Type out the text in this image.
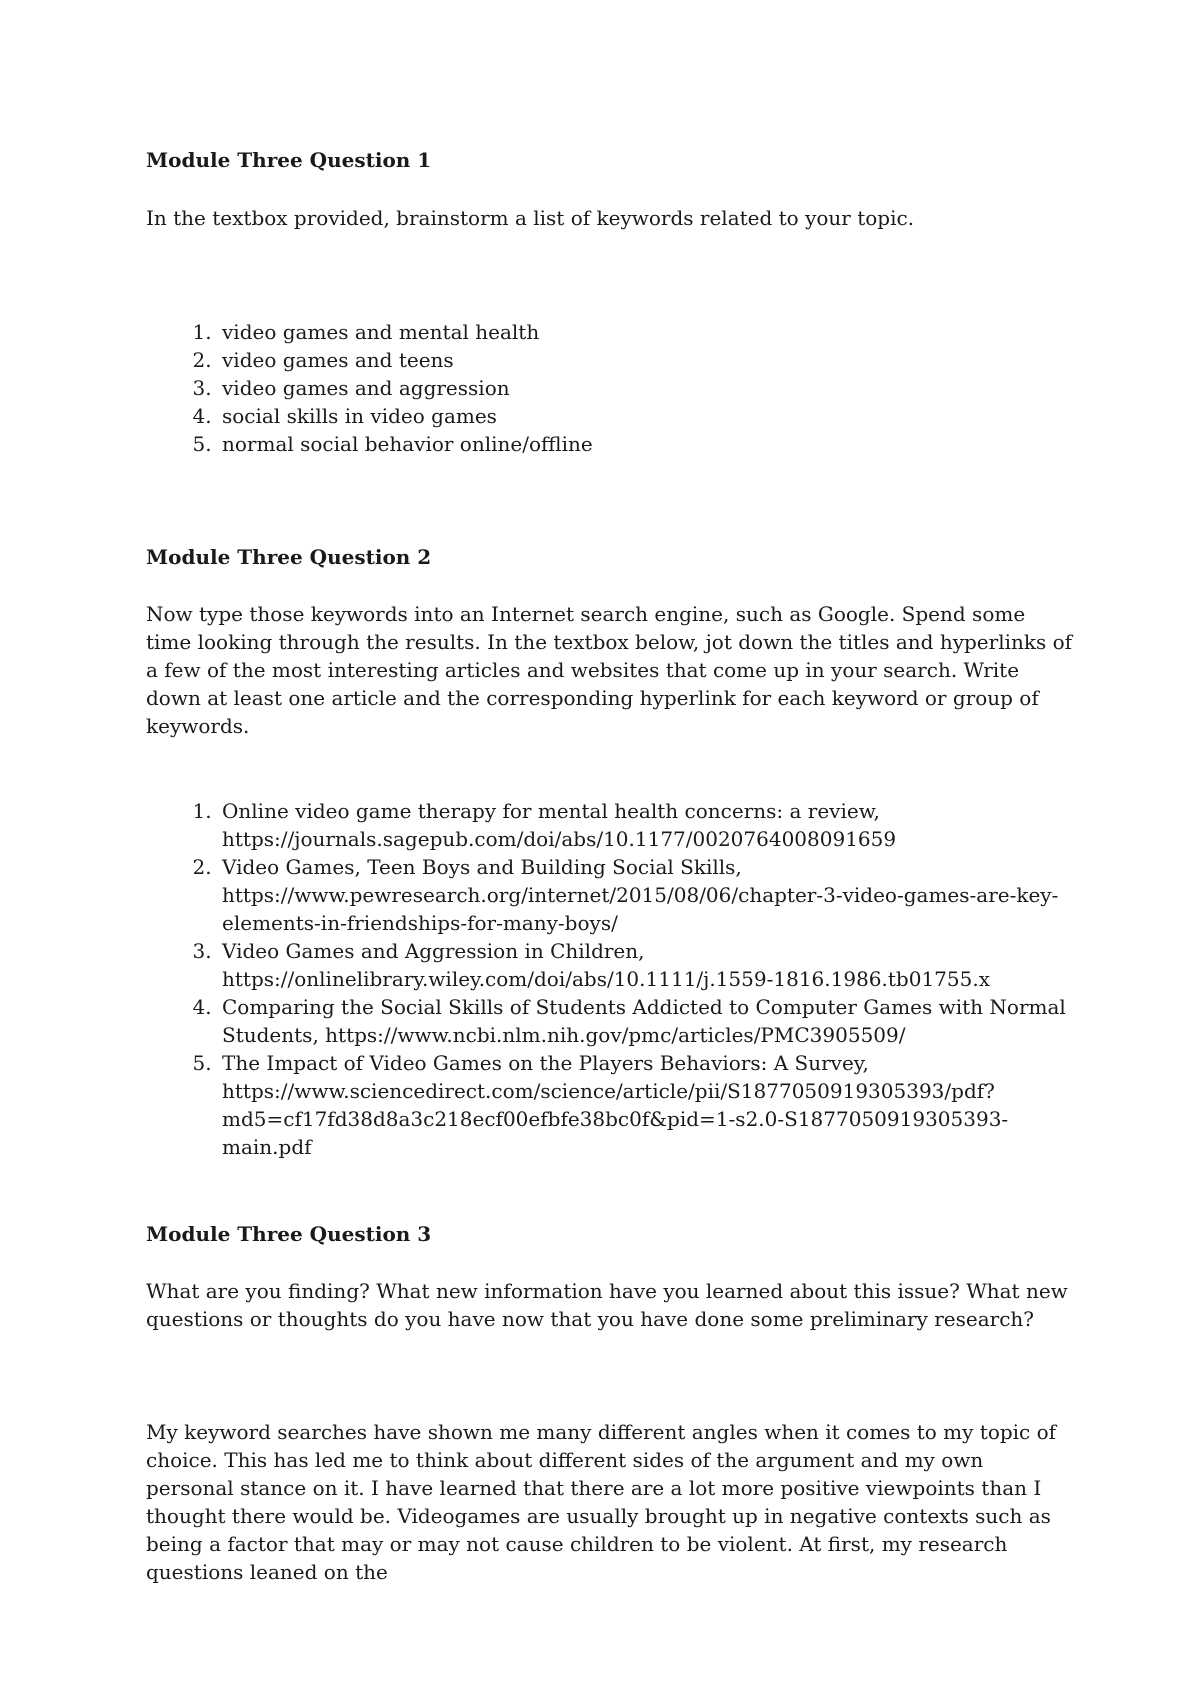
Module Three Question 1
In the textbox provided, brainstorm a list of keywords related to your topic.
1. video games and mental health
2. video games and teens
3. video games and aggression
4. social skills in video games
5. normal social behavior online/offline
Module Three Question 2
Now type those keywords into an Internet search engine, such as Google. Spend some time looking through the results. In the textbox below, jot down the titles and hyperlinks of a few of the most interesting articles and websites that come up in your search. Write down at least one article and the corresponding hyperlink for each keyword or group of keywords.
1. Online video game therapy for mental health concerns: a review, https://journals.sagepub.com/doi/abs/10.1177/0020764008091659
2. Video Games, Teen Boys and Building Social Skills, https://www.pewresearch.org/internet/2015/08/06/chapter-3-video-games-are-key-elements-in-friendships-for-many-boys/
3. Video Games and Aggression in Children, https://onlinelibrary.wiley.com/doi/abs/10.1111/j.1559-1816.1986.tb01755.x
4. Comparing the Social Skills of Students Addicted to Computer Games with Normal Students, https://www.ncbi.nlm.nih.gov/pmc/articles/PMC3905509/
5. The Impact of Video Games on the Players Behaviors: A Survey, https://www.sciencedirect.com/science/article/pii/S1877050919305393/pdf?md5=cf17fd38d8a3c218ecf00efbfe38bc0f&pid=1-s2.0-S1877050919305393-main.pdf
Module Three Question 3
What are you finding? What new information have you learned about this issue? What new questions or thoughts do you have now that you have done some preliminary research?
My keyword searches have shown me many different angles when it comes to my topic of choice. This has led me to think about different sides of the argument and my own personal stance on it. I have learned that there are a lot more positive viewpoints than I thought there would be. Videogames are usually brought up in negative contexts such as being a factor that may or may not cause children to be violent. At first, my research questions leaned on the
